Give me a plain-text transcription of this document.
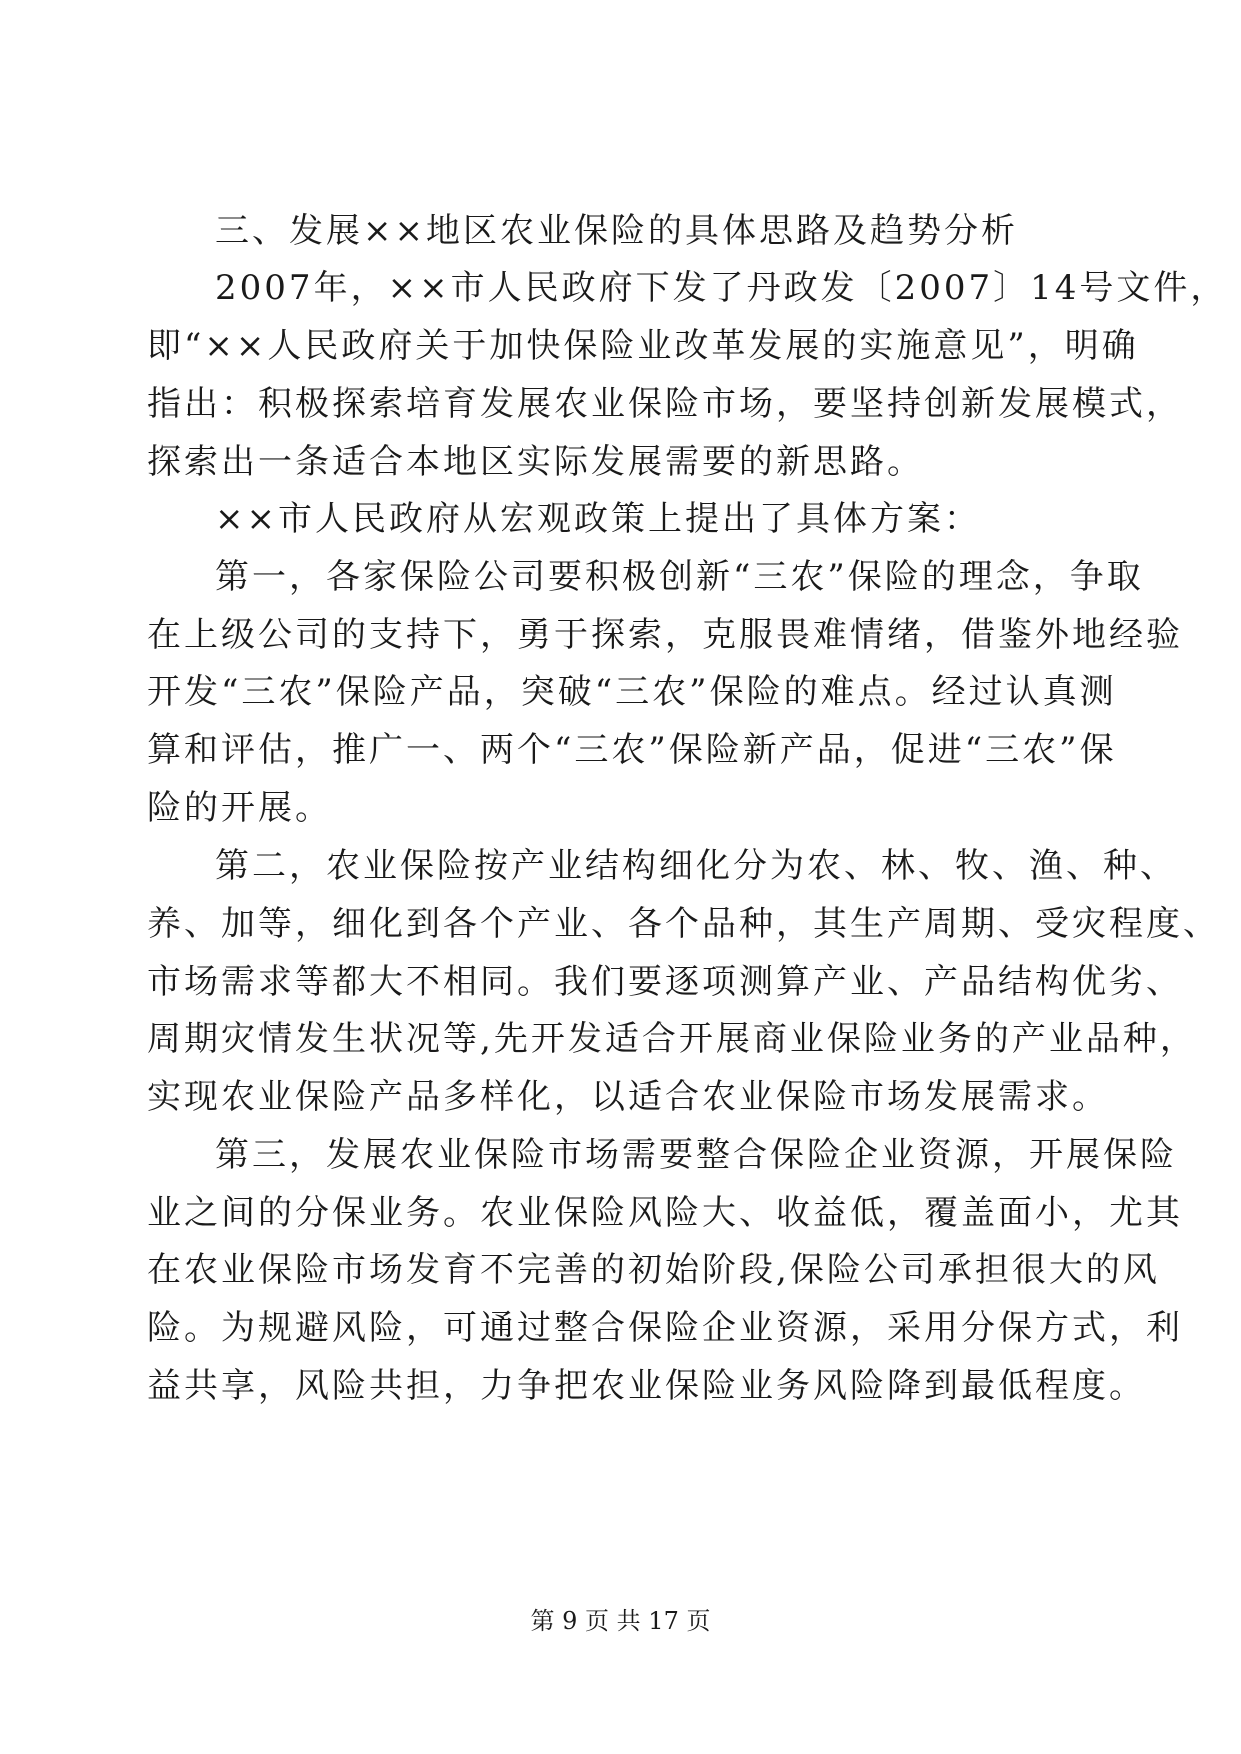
三、发展××地区农业保险的具体思路及趋势分析
2 0 0 7 年 ， × × 市 人 民 政 府 下 发 了 丹 政 发 〔 2 0 0 7 〕 1 4 号 文 件 ，
即 “ × × 人 民 政 府 关 于 加 快 保 险 业 改 革 发 展 的 实 施 意 见 ” ， 明 确
指 出 ： 积 极 探 索 培 育 发 展 农 业 保 险 市 场 ， 要 坚 持 创 新 发 展 模 式 ，
探索出一条适合本地区实际发展需要的新思路。
××市人民政府从宏观政策上提出了具体方案：
第 一 ， 各 家 保 险 公 司 要 积 极 创 新 “ 三 农 ” 保 险 的 理 念 ， 争 取
在 上 级 公 司 的 支 持 下 ， 勇 于 探 索 ， 克 服 畏 难 情 绪 ， 借 鉴 外 地 经 验
开 发 “ 三 农 ” 保 险 产 品 ， 突 破 “ 三 农 ” 保 险 的 难 点 。 经 过 认 真 测
算 和 评 估 ， 推 广 一 、 两 个 “ 三 农 ” 保 险 新 产 品 ， 促 进 “ 三 农 ” 保
险的开展。
第 二 ， 农 业 保 险 按 产 业 结 构 细 化 分 为 农 、 林 、 牧 、 渔 、 种 、
养 、 加 等 ， 细 化 到 各 个 产 业 、 各 个 品 种 ， 其 生 产 周 期 、 受 灾 程 度 、
市 场 需 求 等 都 大 不 相 同 。 我 们 要 逐 项 测 算 产 业 、 产 品 结 构 优 劣 、
周 期 灾 情 发 生 状 况 等 , 先 开 发 适 合 开 展 商 业 保 险 业 务 的 产 业 品 种 ，
实现农业保险产品多样化，以适合农业保险市场发展需求。
第 三 ， 发 展 农 业 保 险 市 场 需 要 整 合 保 险 企 业 资 源 ， 开 展 保 险
业 之 间 的 分 保 业 务 。 农 业 保 险 风 险 大 、 收 益 低 ， 覆 盖 面 小 ， 尤 其
在 农 业 保 险 市 场 发 育 不 完 善 的 初 始 阶 段 , 保 险 公 司 承 担 很 大 的 风
险 。 为 规 避 风 险 ， 可 通 过 整 合 保 险 企 业 资 源 ， 采 用 分 保 方 式 ， 利
益共享，风险共担，力争把农业保险业务风险降到最低程度。
第 9 页 共 17 页
